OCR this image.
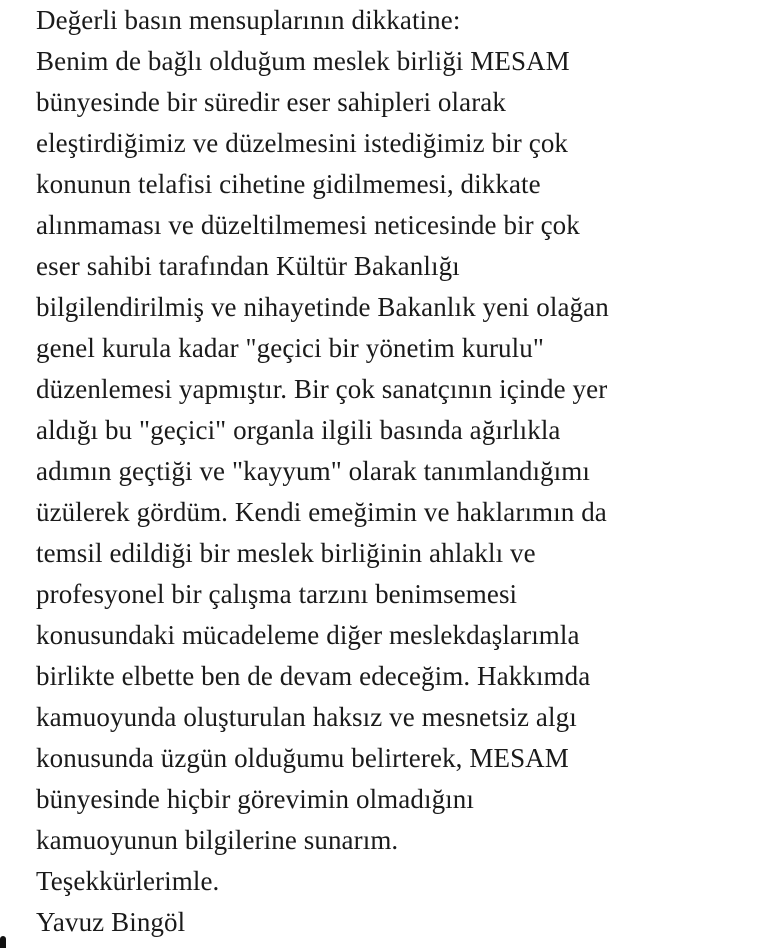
Değerli basın mensuplarının dikkatine:
Benim de bağlı olduğum meslek birliği MESAM
bünyesinde bir süredir eser sahipleri olarak
eleştirdiğimiz ve düzelmesini istediğimiz bir çok
konunun telafisi cihetine gidilmemesi, dikkate
alınmaması ve düzeltilmemesi neticesinde bir çok
eser sahibi tarafından Kültür Bakanlığı
bilgilendirilmiş ve nihayetinde Bakanlık yeni olağan
genel kurula kadar "geçici bir yönetim kurulu"
düzenlemesi yapmıştır. Bir çok sanatçının içinde yer
aldığı bu "geçici" organla ilgili basında ağırlıkla
adımın geçtiği ve "kayyum" olarak tanımlandığımı
üzülerek gördüm. Kendi emeğimin ve haklarımın da
temsil edildiği bir meslek birliğinin ahlaklı ve
profesyonel bir çalışma tarzını benimsemesi
konusundaki mücadeleme diğer meslekdaşlarımla
birlikte elbette ben de devam edeceğim. Hakkımda
kamuoyunda oluşturulan haksız ve mesnetsiz algı
konusunda üzgün olduğumu belirterek, MESAM
bünyesinde hiçbir görevimin olmadığını
kamuoyunun bilgilerine sunarım.
Teşekkürlerimle.
Yavuz Bingöl
